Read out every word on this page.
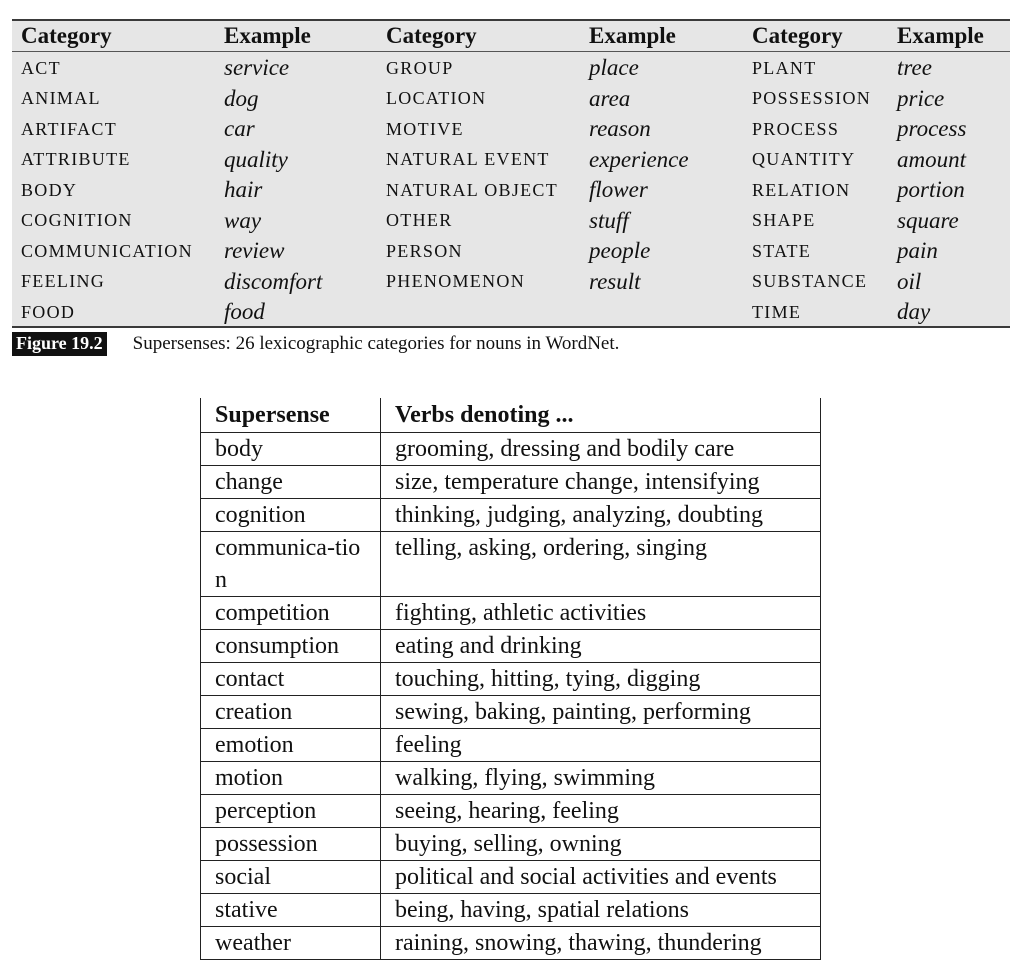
Category	Example	Category	Example	Category	Example
ACT	service	GROUP	place	PLANT	tree
ANIMAL	dog	LOCATION	area	POSSESSION	price
ARTIFACT	car	MOTIVE	reason	PROCESS	process
ATTRIBUTE	quality	NATURAL EVENT	experience	QUANTITY	amount
BODY	hair	NATURAL OBJECT	flower	RELATION	portion
COGNITION	way	OTHER	stuff	SHAPE	square
COMMUNICATION	review	PERSON	people	STATE	pain
FEELING	discomfort	PHENOMENON	result	SUBSTANCE	oil
FOOD	food			TIME	day
Figure 19.2 Supersenses: 26 lexicographic categories for nouns in WordNet.
Supersense	Verbs denoting ...
body	grooming, dressing and bodily care
change	size, temperature change, intensifying
cognition	thinking, judging, analyzing, doubting
communica-tion	telling, asking, ordering, singing
competition	fighting, athletic activities
consumption	eating and drinking
contact	touching, hitting, tying, digging
creation	sewing, baking, painting, performing
emotion	feeling
motion	walking, flying, swimming
perception	seeing, hearing, feeling
possession	buying, selling, owning
social	political and social activities and events
stative	being, having, spatial relations
weather	raining, snowing, thawing, thundering
